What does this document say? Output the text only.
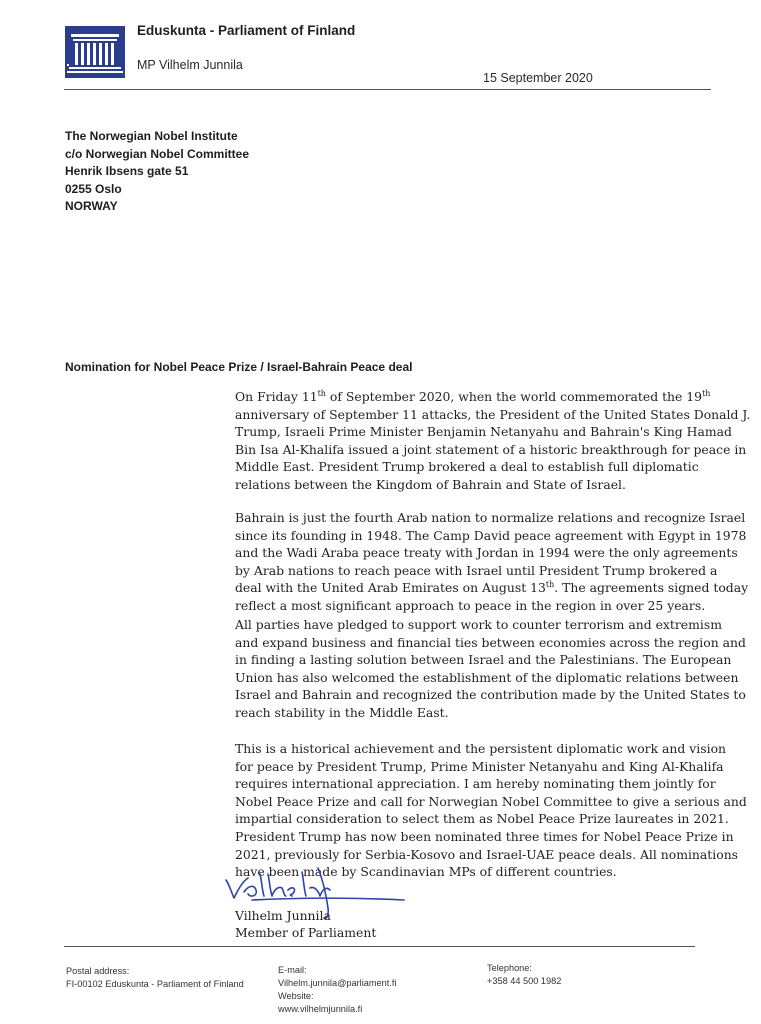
Eduskunta - Parliament of Finland
MP Vilhelm Junnila
15 September 2020
The Norwegian Nobel Institute
c/o Norwegian Nobel Committee
Henrik Ibsens gate 51
0255 Oslo
NORWAY
Nomination for Nobel Peace Prize / Israel-Bahrain Peace deal
On Friday 11th of September 2020, when the world commemorated the 19th
anniversary of September 11 attacks, the President of the United States Donald J.
Trump, Israeli Prime Minister Benjamin Netanyahu and Bahrain's King Hamad
Bin Isa Al-Khalifa issued a joint statement of a historic breakthrough for peace in
Middle East. President Trump brokered a deal to establish full diplomatic
relations between the Kingdom of Bahrain and State of Israel.
Bahrain is just the fourth Arab nation to normalize relations and recognize Israel
since its founding in 1948. The Camp David peace agreement with Egypt in 1978
and the Wadi Araba peace treaty with Jordan in 1994 were the only agreements
by Arab nations to reach peace with Israel until President Trump brokered a
deal with the United Arab Emirates on August 13th. The agreements signed today
reflect a most significant approach to peace in the region in over 25 years.
All parties have pledged to support work to counter terrorism and extremism
and expand business and financial ties between economies across the region and
in finding a lasting solution between Israel and the Palestinians. The European
Union has also welcomed the establishment of the diplomatic relations between
Israel and Bahrain and recognized the contribution made by the United States to
reach stability in the Middle East.
This is a historical achievement and the persistent diplomatic work and vision
for peace by President Trump, Prime Minister Netanyahu and King Al-Khalifa
requires international appreciation. I am hereby nominating them jointly for
Nobel Peace Prize and call for Norwegian Nobel Committee to give a serious and
impartial consideration to select them as Nobel Peace Prize laureates in 2021.
President Trump has now been nominated three times for Nobel Peace Prize in
2021, previously for Serbia-Kosovo and Israel-UAE peace deals. All nominations
have been made by Scandinavian MPs of different countries.
Vilhelm Junnila
Member of Parliament
Postal address:
FI-00102 Eduskunta - Parliament of Finland
E-mail:
Vilhelm.junnila@parliament.fi
Website:
www.vilhelmjunnila.fi
Telephone:
+358 44 500 1982
